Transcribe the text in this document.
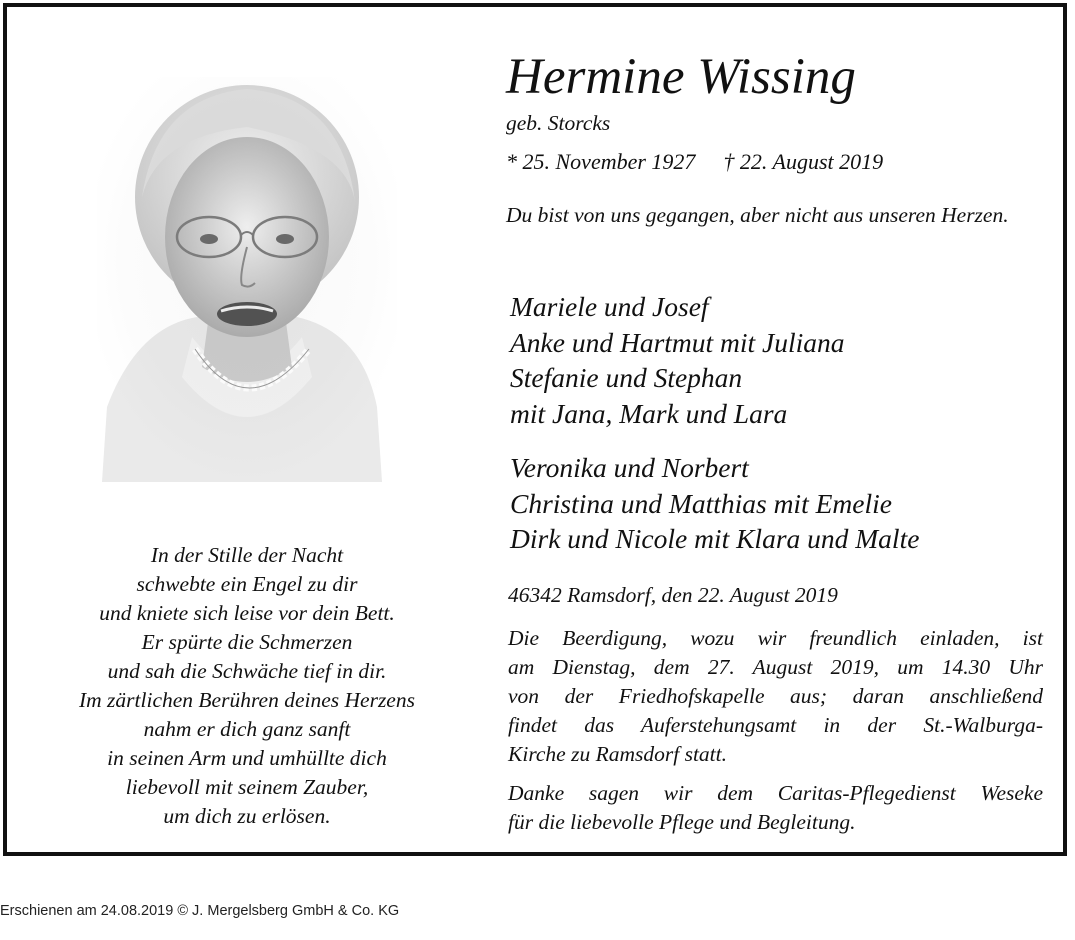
In der Stille der Nacht
schwebte ein Engel zu dir
und kniete sich leise vor dein Bett.
Er spürte die Schmerzen
und sah die Schwäche tief in dir.
Im zärtlichen Berühren deines Herzens
nahm er dich ganz sanft
in seinen Arm und umhüllte dich
liebevoll mit seinem Zauber,
um dich zu erlösen.
Hermine Wissing
geb. Storcks
* 25. November 1927 † 22. August 2019
Du bist von uns gegangen, aber nicht aus unseren Herzen.
Mariele und Josef
Anke und Hartmut mit Juliana
Stefanie und Stephan
mit Jana, Mark und Lara
Veronika und Norbert
Christina und Matthias mit Emelie
Dirk und Nicole mit Klara und Malte
46342 Ramsdorf, den 22. August 2019
Die Beerdigung, wozu wir freundlich einladen, ist
am Dienstag, dem 27. August 2019, um 14.30 Uhr
von der Friedhofskapelle aus; daran anschließend
findet das Auferstehungsamt in der St.-Walburga-
Kirche zu Ramsdorf statt.
Danke sagen wir dem Caritas-Pflegedienst Weseke
für die liebevolle Pflege und Begleitung.
Erschienen am 24.08.2019 © J. Mergelsberg GmbH & Co. KG
